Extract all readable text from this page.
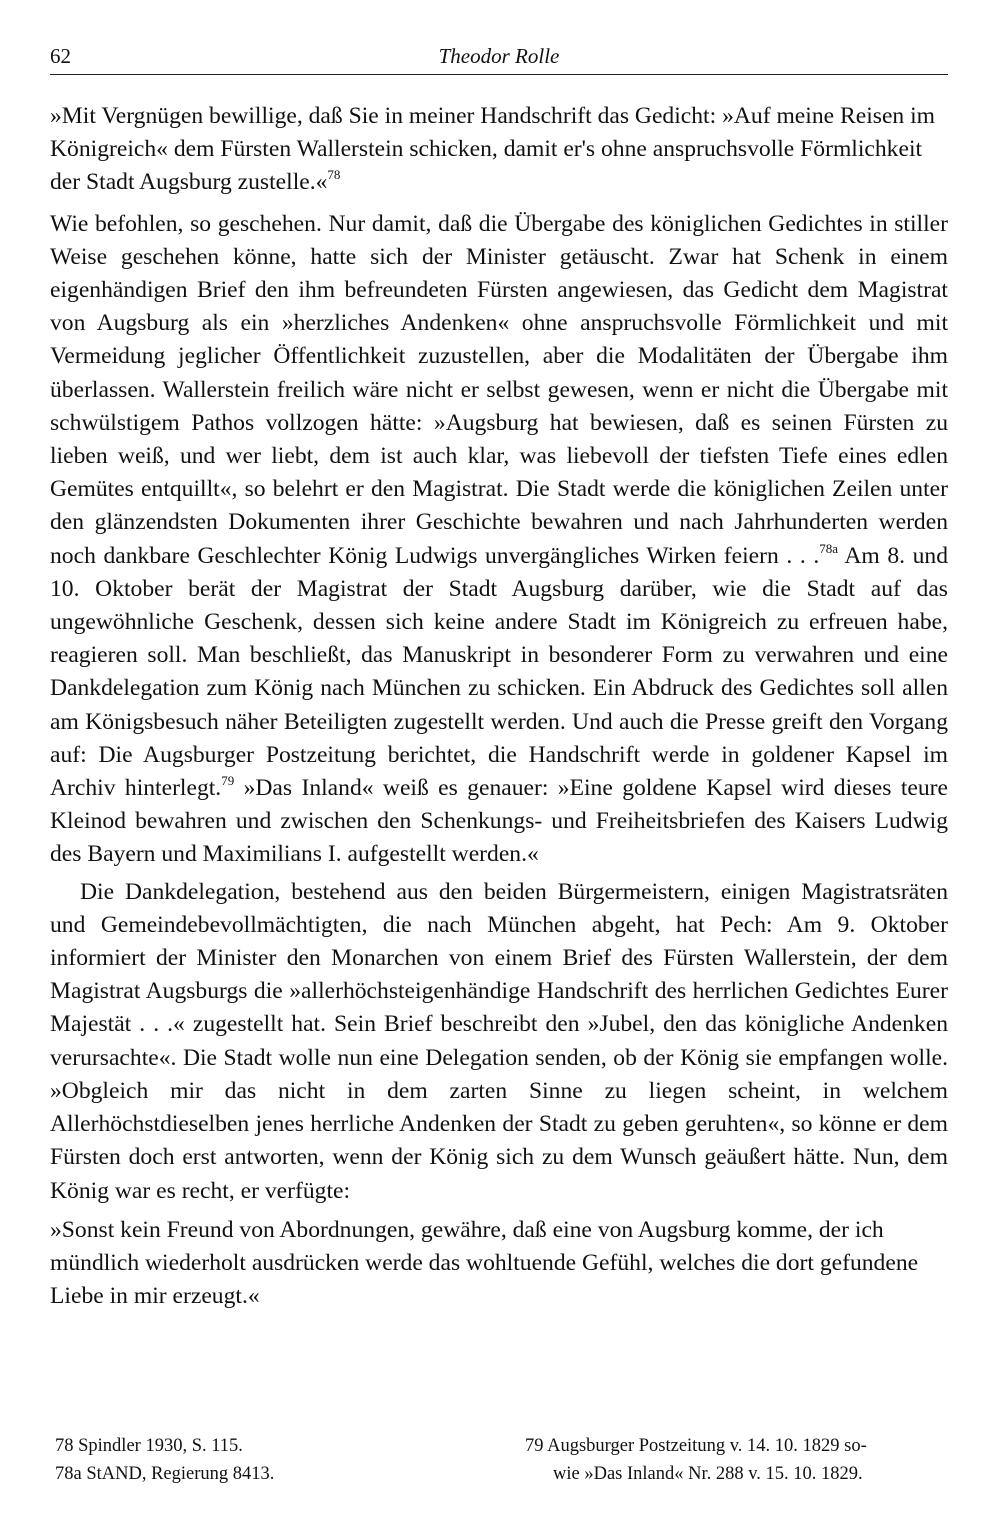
62	Theodor Rolle

»Mit Vergnügen bewillige, daß Sie in meiner Handschrift das Gedicht: »Auf meine Reisen im Königreich« dem Fürsten Wallerstein schicken, damit er's ohne anspruchsvolle Förmlichkeit der Stadt Augsburg zustelle.«$^{78}$

Wie befohlen, so geschehen. Nur damit, daß die Übergabe des königlichen Gedichtes in stiller Weise geschehen könne, hatte sich der Minister getäuscht. Zwar hat Schenk in einem eigenhändigen Brief den ihm befreundeten Fürsten angewiesen, das Gedicht dem Magistrat von Augsburg als ein »herzliches Andenken« ohne anspruchsvolle Förmlichkeit und mit Vermeidung jeglicher Öffentlichkeit zuzustellen, aber die Modalitäten der Übergabe ihm überlassen. Wallerstein freilich wäre nicht er selbst gewesen, wenn er nicht die Übergabe mit schwülstigem Pathos vollzogen hätte: »Augsburg hat bewiesen, daß es seinen Fürsten zu lieben weiß, und wer liebt, dem ist auch klar, was liebevoll der tiefsten Tiefe eines edlen Gemütes entquillt«, so belehrt er den Magistrat. Die Stadt werde die königlichen Zeilen unter den glänzendsten Dokumenten ihrer Geschichte bewahren und nach Jahrhunderten werden noch dankbare Geschlechter König Ludwigs unvergängliches Wirken feiern . . .$^{78a}$ Am 8. und 10. Oktober berät der Magistrat der Stadt Augsburg darüber, wie die Stadt auf das ungewöhnliche Geschenk, dessen sich keine andere Stadt im Königreich zu erfreuen habe, reagieren soll. Man beschließt, das Manuskript in besonderer Form zu verwahren und eine Dankdelegation zum König nach München zu schicken. Ein Abdruck des Gedichtes soll allen am Königsbesuch näher Beteiligten zugestellt werden. Und auch die Presse greift den Vorgang auf: Die Augsburger Postzeitung berichtet, die Handschrift werde in goldener Kapsel im Archiv hinterlegt.$^{79}$ »Das Inland« weiß es genauer: »Eine goldene Kapsel wird dieses teure Kleinod bewahren und zwischen den Schenkungs- und Freiheitsbriefen des Kaisers Ludwig des Bayern und Maximilians I. aufgestellt werden.«

Die Dankdelegation, bestehend aus den beiden Bürgermeistern, einigen Magistratsräten und Gemeindebevollmächtigten, die nach München abgeht, hat Pech: Am 9. Oktober informiert der Minister den Monarchen von einem Brief des Fürsten Wallerstein, der dem Magistrat Augsburgs die »allerhöchsteigenhändige Handschrift des herrlichen Gedichtes Eurer Majestät . . .« zugestellt hat. Sein Brief beschreibt den »Jubel, den das königliche Andenken verursachte«. Die Stadt wolle nun eine Delegation senden, ob der König sie empfangen wolle. »Obgleich mir das nicht in dem zarten Sinne zu liegen scheint, in welchem Allerhöchstdieselben jenes herrliche Andenken der Stadt zu geben geruhten«, so könne er dem Fürsten doch erst antworten, wenn der König sich zu dem Wunsch geäußert hätte. Nun, dem König war es recht, er verfügte:

»Sonst kein Freund von Abordnungen, gewähre, daß eine von Augsburg komme, der ich mündlich wiederholt ausdrücken werde das wohltuende Gefühl, welches die dort gefundene Liebe in mir erzeugt.«

78 Spindler 1930, S. 115.
78a StAND, Regierung 8413.
79 Augsburger Postzeitung v. 14. 10. 1829 so-
wie »Das Inland« Nr. 288 v. 15. 10. 1829.
